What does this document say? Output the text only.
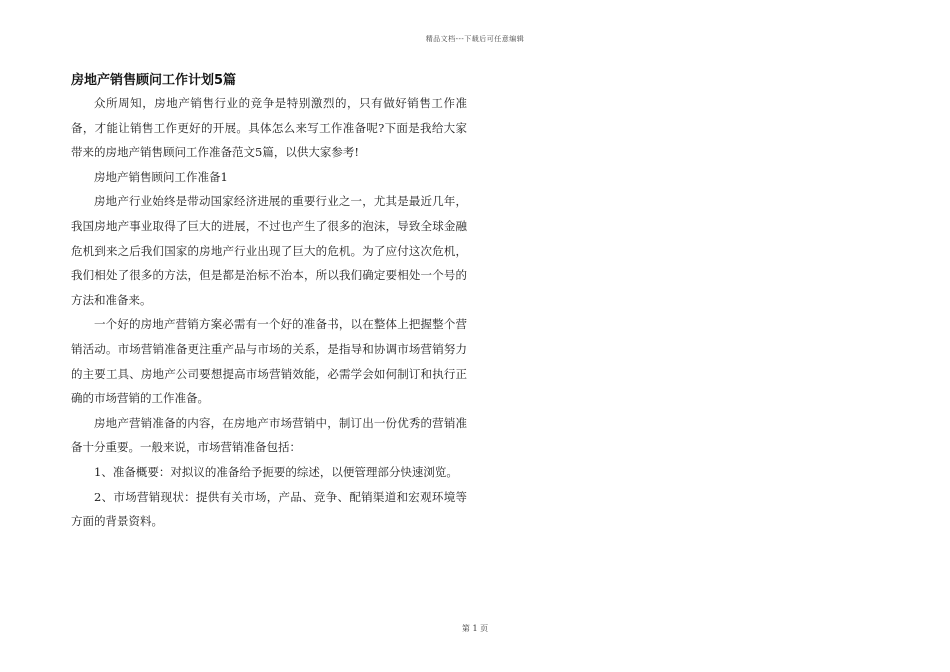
精品文档---下载后可任意编辑
房地产销售顾问工作计划5篇

众所周知，房地产销售行业的竞争是特别激烈的，只有做好销售工作准备，才能让销售工作更好的开展。具体怎么来写工作准备呢?下面是我给大家带来的房地产销售顾问工作准备范文5篇，以供大家参考!

房地产销售顾问工作准备1

房地产行业始终是带动国家经济进展的重要行业之一，尤其是最近几年，我国房地产事业取得了巨大的进展，不过也产生了很多的泡沫，导致全球金融危机到来之后我们国家的房地产行业出现了巨大的危机。为了应付这次危机，我们相处了很多的方法，但是都是治标不治本，所以我们确定要相处一个号的方法和准备来。

一个好的房地产营销方案必需有一个好的准备书，以在整体上把握整个营销活动。市场营销准备更注重产品与市场的关系，是指导和协调市场营销努力的主要工具、房地产公司要想提高市场营销效能，必需学会如何制订和执行正确的市场营销的工作准备。

房地产营销准备的内容，在房地产市场营销中，制订出一份优秀的营销准备十分重要。一般来说，市场营销准备包括：

1、准备概要：对拟议的准备给予扼要的综述，以便管理部分快速浏览。

2、市场营销现状：提供有关市场，产品、竞争、配销渠道和宏观环境等方面的背景资料。

第 1 页
